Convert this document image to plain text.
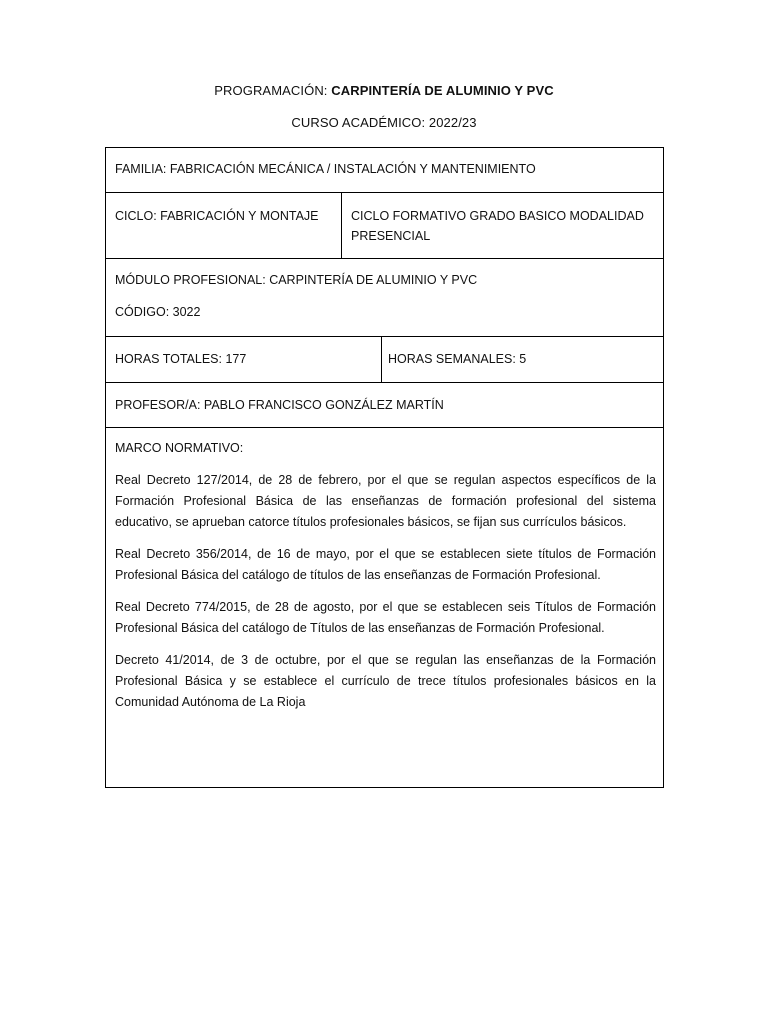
PROGRAMACIÓN: CARPINTERÍA DE ALUMINIO Y PVC
CURSO ACADÉMICO: 2022/23
FAMILIA: FABRICACIÓN MECÁNICA / INSTALACIÓN Y MANTENIMIENTO
CICLO: FABRICACIÓN Y MONTAJE	CICLO FORMATIVO GRADO BASICO MODALIDAD PRESENCIAL
MÓDULO PROFESIONAL: CARPINTERÍA DE ALUMINIO Y PVC
CÓDIGO: 3022
HORAS TOTALES: 177	HORAS SEMANALES: 5
PROFESOR/A: PABLO FRANCISCO GONZÁLEZ MARTÍN
MARCO NORMATIVO:

Real Decreto 127/2014, de 28 de febrero, por el que se regulan aspectos específicos de la Formación Profesional Básica de las enseñanzas de formación profesional del sistema educativo, se aprueban catorce títulos profesionales básicos, se fijan sus currículos básicos.

Real Decreto 356/2014, de 16 de mayo, por el que se establecen siete títulos de Formación Profesional Básica del catálogo de títulos de las enseñanzas de Formación Profesional.

Real Decreto 774/2015, de 28 de agosto, por el que se establecen seis Títulos de Formación Profesional Básica del catálogo de Títulos de las enseñanzas de Formación Profesional.

Decreto 41/2014, de 3 de octubre, por el que se regulan las enseñanzas de la Formación Profesional Básica y se establece el currículo de trece títulos profesionales básicos en la Comunidad Autónoma de La Rioja
